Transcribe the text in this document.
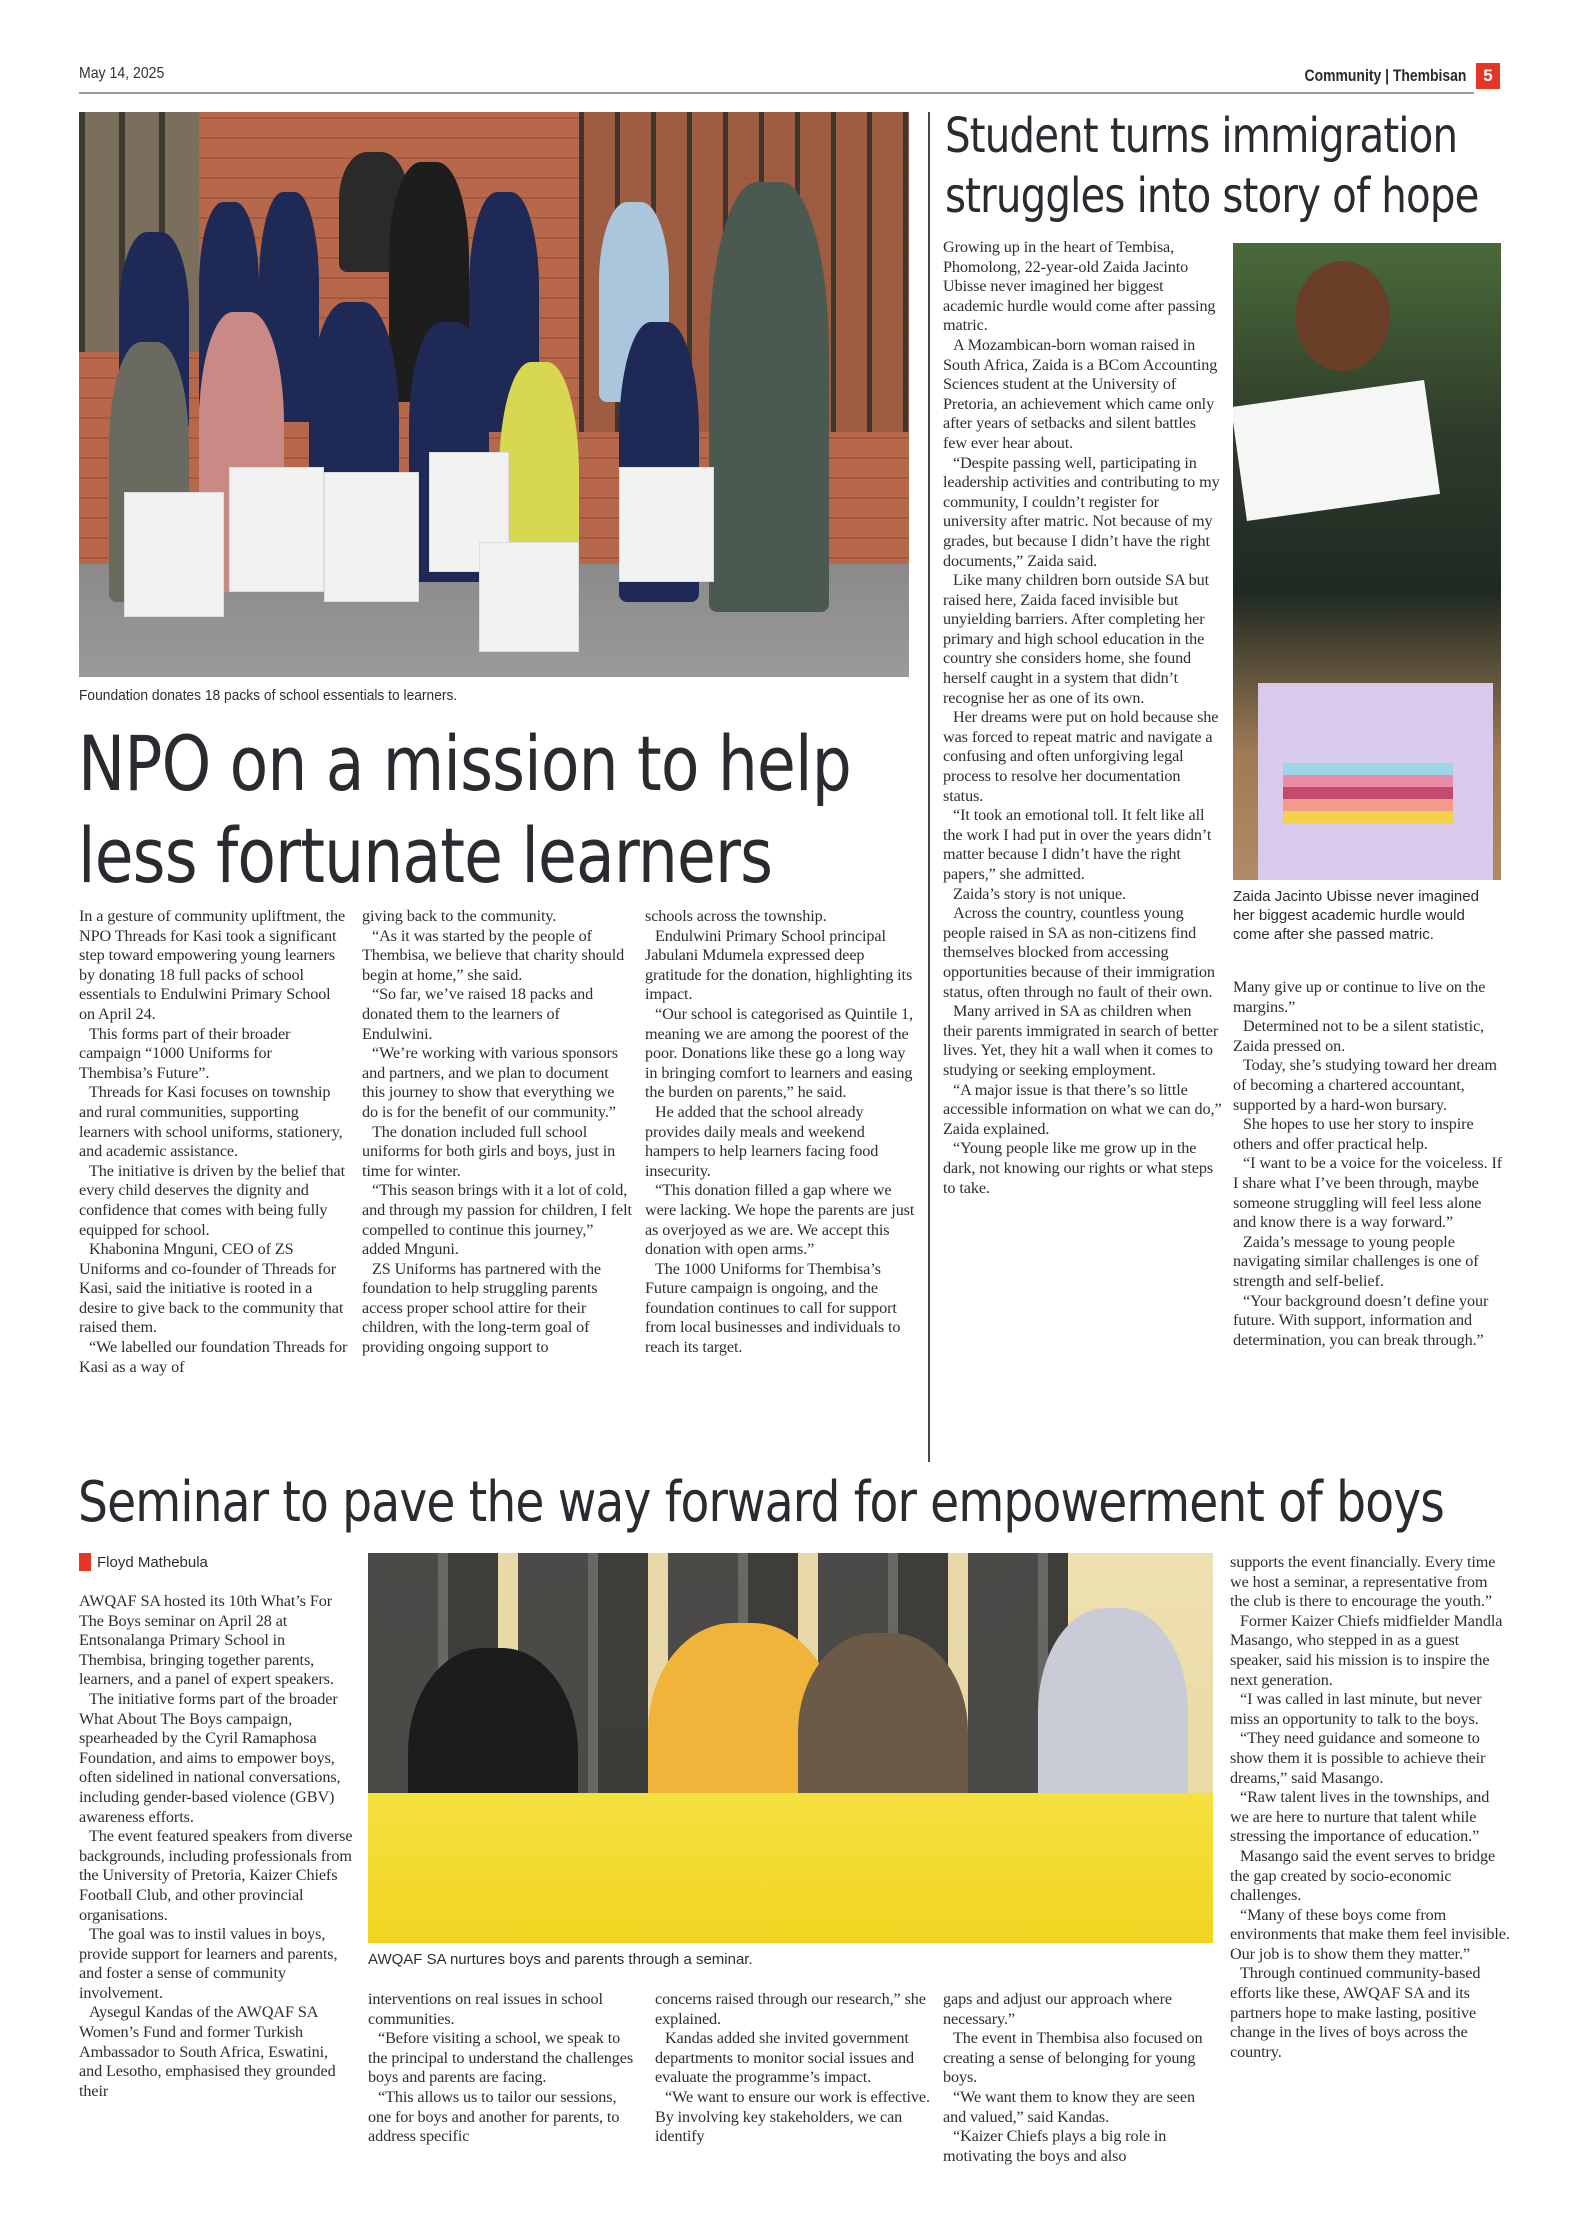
May 14, 2025	Community | Thembisan	5
Foundation donates 18 packs of school essentials to learners.
NPO on a mission to help
less fortunate learners

In a gesture of community upliftment, the NPO Threads for Kasi took a significant step toward empowering young learners by donating 18 full packs of school essentials to Endulwini Primary School on April 24.

This forms part of their broader campaign “1000 Uniforms for Thembisa’s Future”.

Threads for Kasi focuses on township and rural communities, supporting learners with school uniforms, stationery, and academic assistance.

The initiative is driven by the belief that every child deserves the dignity and confidence that comes with being fully equipped for school.

Khabonina Mnguni, CEO of ZS Uniforms and co-founder of Threads for Kasi, said the initiative is rooted in a desire to give back to the community that raised them.

“We labelled our foundation Threads for Kasi as a way of

giving back to the community.

“As it was started by the people of Thembisa, we believe that charity should begin at home,” she said.

“So far, we’ve raised 18 packs and donated them to the learners of Endulwini.

“We’re working with various sponsors and partners, and we plan to document this journey to show that everything we do is for the benefit of our community.”

The donation included full school uniforms for both girls and boys, just in time for winter.

“This season brings with it a lot of cold, and through my passion for children, I felt compelled to continue this journey,” added Mnguni.

ZS Uniforms has partnered with the foundation to help struggling parents access proper school attire for their children, with the long-term goal of providing ongoing support to

schools across the township.

Endulwini Primary School principal Jabulani Mdumela expressed deep gratitude for the donation, highlighting its impact.

“Our school is categorised as Quintile 1, meaning we are among the poorest of the poor. Donations like these go a long way in bringing comfort to learners and easing the burden on parents,” he said.

He added that the school already provides daily meals and weekend hampers to help learners facing food insecurity.

“This donation filled a gap where we were lacking. We hope the parents are just as overjoyed as we are. We accept this donation with open arms.”

The 1000 Uniforms for Thembisa’s Future campaign is ongoing, and the foundation continues to call for support from local businesses and individuals to reach its target.

Student turns immigration
struggles into story of hope

Growing up in the heart of Tembisa, Phomolong, 22-year-old Zaida Jacinto Ubisse never imagined her biggest academic hurdle would come after passing matric.

A Mozambican-born woman raised in South Africa, Zaida is a BCom Accounting Sciences student at the University of Pretoria, an achievement which came only after years of setbacks and silent battles few ever hear about.

“Despite passing well, participating in leadership activities and contributing to my community, I couldn’t register for university after matric. Not because of my grades, but because I didn’t have the right documents,” Zaida said.

Like many children born outside SA but raised here, Zaida faced invisible but unyielding barriers. After completing her primary and high school education in the country she considers home, she found herself caught in a system that didn’t recognise her as one of its own.

Her dreams were put on hold because she was forced to repeat matric and navigate a confusing and often unforgiving legal process to resolve her documentation status.

“It took an emotional toll. It felt like all the work I had put in over the years didn’t matter because I didn’t have the right papers,” she admitted.

Zaida’s story is not unique.

Across the country, countless young people raised in SA as non-citizens find themselves blocked from accessing opportunities because of their immigration status, often through no fault of their own.

Many arrived in SA as children when their parents immigrated in search of better lives. Yet, they hit a wall when it comes to studying or seeking employment.

“A major issue is that there’s so little accessible information on what we can do,” Zaida explained.

“Young people like me grow up in the dark, not knowing our rights or what steps to take.

Zaida Jacinto Ubisse never imagined her biggest academic hurdle would come after she passed matric.

Many give up or continue to live on the margins.”

Determined not to be a silent statistic, Zaida pressed on.

Today, she’s studying toward her dream of becoming a chartered accountant, supported by a hard-won bursary.

She hopes to use her story to inspire others and offer practical help.

“I want to be a voice for the voiceless. If I share what I’ve been through, maybe someone struggling will feel less alone and know there is a way forward.”

Zaida’s message to young people navigating similar challenges is one of strength and self-belief.

“Your background doesn’t define your future. With support, information and determination, you can break through.”

Seminar to pave the way forward for empowerment of boys
Floyd Mathebula

AWQAF SA hosted its 10th What’s For The Boys seminar on April 28 at Entsonalanga Primary School in Thembisa, bringing together parents, learners, and a panel of expert speakers.

The initiative forms part of the broader What About The Boys campaign, spearheaded by the Cyril Ramaphosa Foundation, and aims to empower boys, often sidelined in national conversations, including gender-based violence (GBV) awareness efforts.

The event featured speakers from diverse backgrounds, including professionals from the University of Pretoria, Kaizer Chiefs Football Club, and other provincial organisations.

The goal was to instil values in boys, provide support for learners and parents, and foster a sense of community involvement.

Aysegul Kandas of the AWQAF SA Women’s Fund and former Turkish Ambassador to South Africa, Eswatini, and Lesotho, emphasised they grounded their

AWQAF SA nurtures boys and parents through a seminar.

interventions on real issues in school communities.

“Before visiting a school, we speak to the principal to understand the challenges boys and parents are facing.

“This allows us to tailor our sessions, one for boys and another for parents, to address specific

concerns raised through our research,” she explained.

Kandas added she invited government departments to monitor social issues and evaluate the programme’s impact.

“We want to ensure our work is effective. By involving key stakeholders, we can identify

gaps and adjust our approach where necessary.”

The event in Thembisa also focused on creating a sense of belonging for young boys.

“We want them to know they are seen and valued,” said Kandas.

“Kaizer Chiefs plays a big role in motivating the boys and also

supports the event financially. Every time we host a seminar, a representative from the club is there to encourage the youth.”

Former Kaizer Chiefs midfielder Mandla Masango, who stepped in as a guest speaker, said his mission is to inspire the next generation.

“I was called in last minute, but never miss an opportunity to talk to the boys.

“They need guidance and someone to show them it is possible to achieve their dreams,” said Masango.

“Raw talent lives in the townships, and we are here to nurture that talent while stressing the importance of education.”

Masango said the event serves to bridge the gap created by socio-economic challenges.

“Many of these boys come from environments that make them feel invisible. Our job is to show them they matter.”

Through continued community-based efforts like these, AWQAF SA and its partners hope to make lasting, positive change in the lives of boys across the country.
